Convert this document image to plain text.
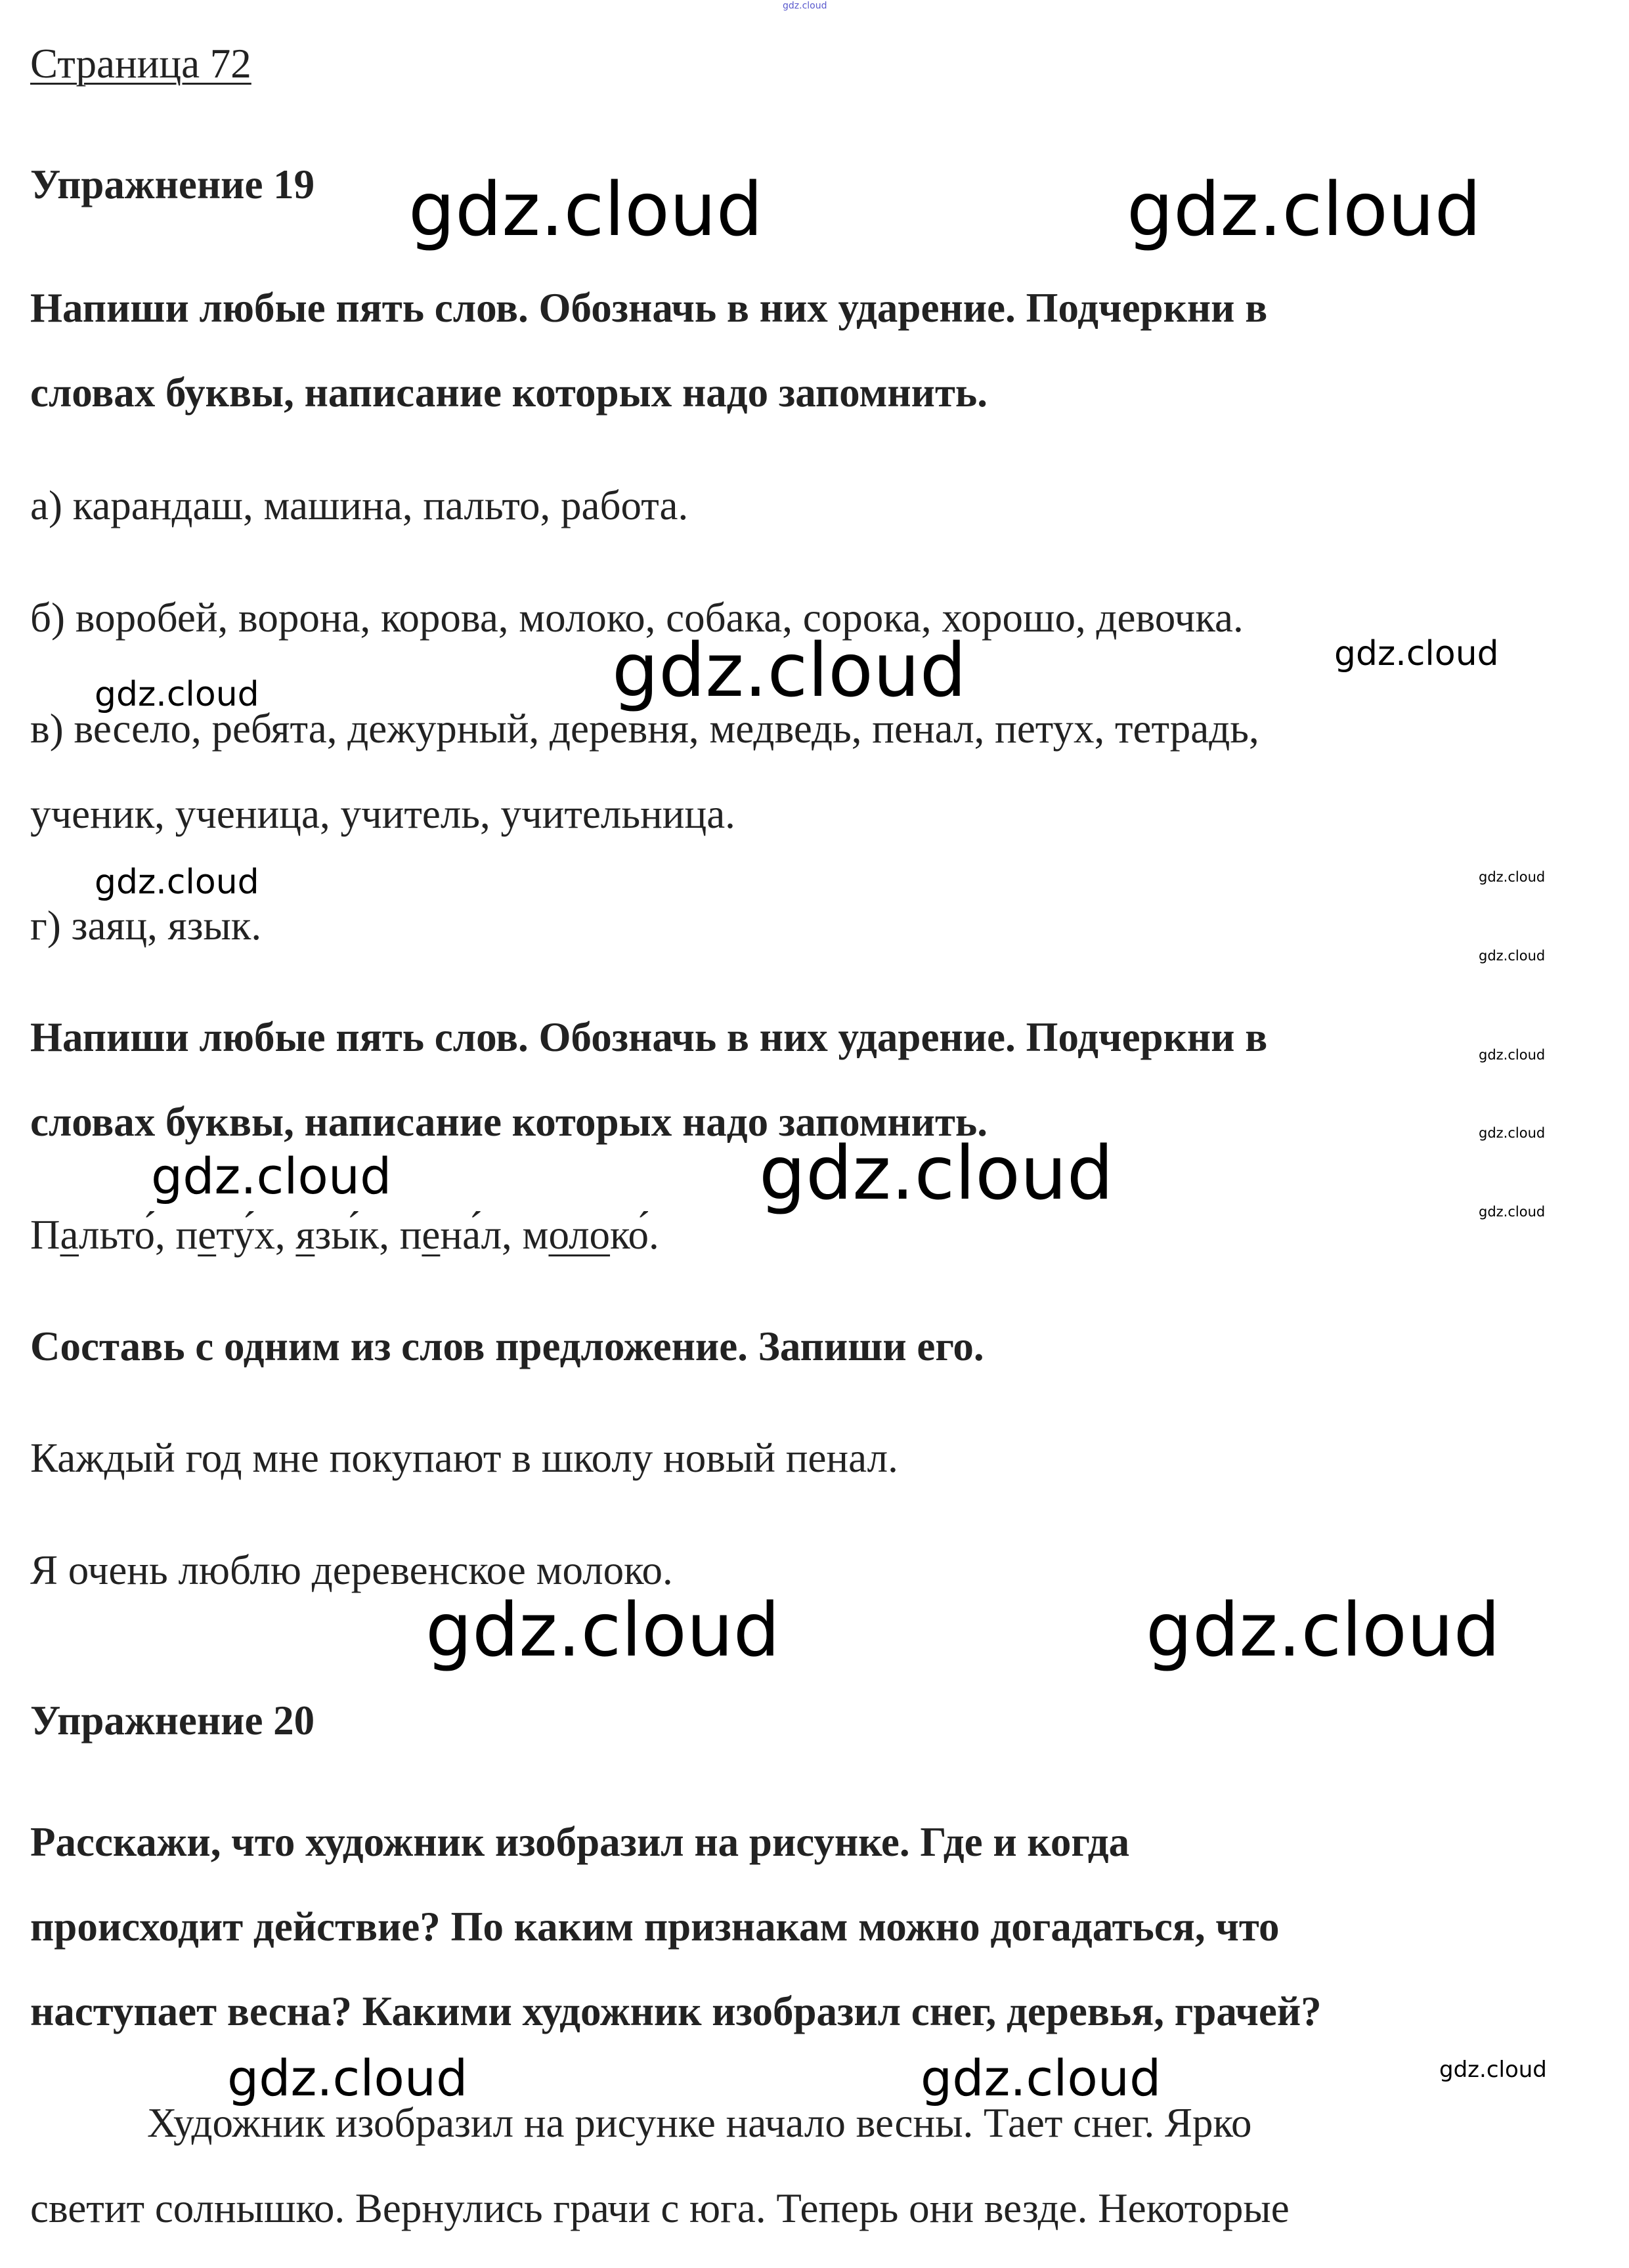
Страница 72
Упражнение 19
Напиши любые пять слов. Обозначь в них ударение. Подчеркни в
словах буквы, написание которых надо запомнить.
а) карандаш, машина, пальто, работа.
б) воробей, ворона, корова, молоко, собака, сорока, хорошо, девочка.
в) весело, ребята, дежурный, деревня, медведь, пенал, петух, тетрадь,
ученик, ученица, учитель, учительница.
г) заяц, язык.
Напиши любые пять слов. Обозначь в них ударение. Подчеркни в
словах буквы, написание которых надо запомнить.
Пальто́, пету́х, язы́к, пена́л, молоко́.
Составь с одним из слов предложение. Запиши его.
Каждый год мне покупают в школу новый пенал.
Я очень люблю деревенское молоко.
Упражнение 20
Расскажи, что художник изобразил на рисунке. Где и когда
происходит действие? По каким признакам можно догадаться, что
наступает весна? Какими художник изобразил снег, деревья, грачей?
Художник изобразил на рисунке начало весны. Тает снег. Ярко
светит солнышко. Вернулись грачи с юга. Теперь они везде. Некоторые
gdz.cloud
gdz.cloud	gdz.cloud
gdz.cloud	gdz.cloud	gdz.cloud
gdz.cloud	gdz.cloud
gdz.cloud
gdz.cloud
gdz.cloud
gdz.cloud
gdz.cloud	gdz.cloud
gdz.cloud	gdz.cloud
gdz.cloud	gdz.cloud	gdz.cloud
